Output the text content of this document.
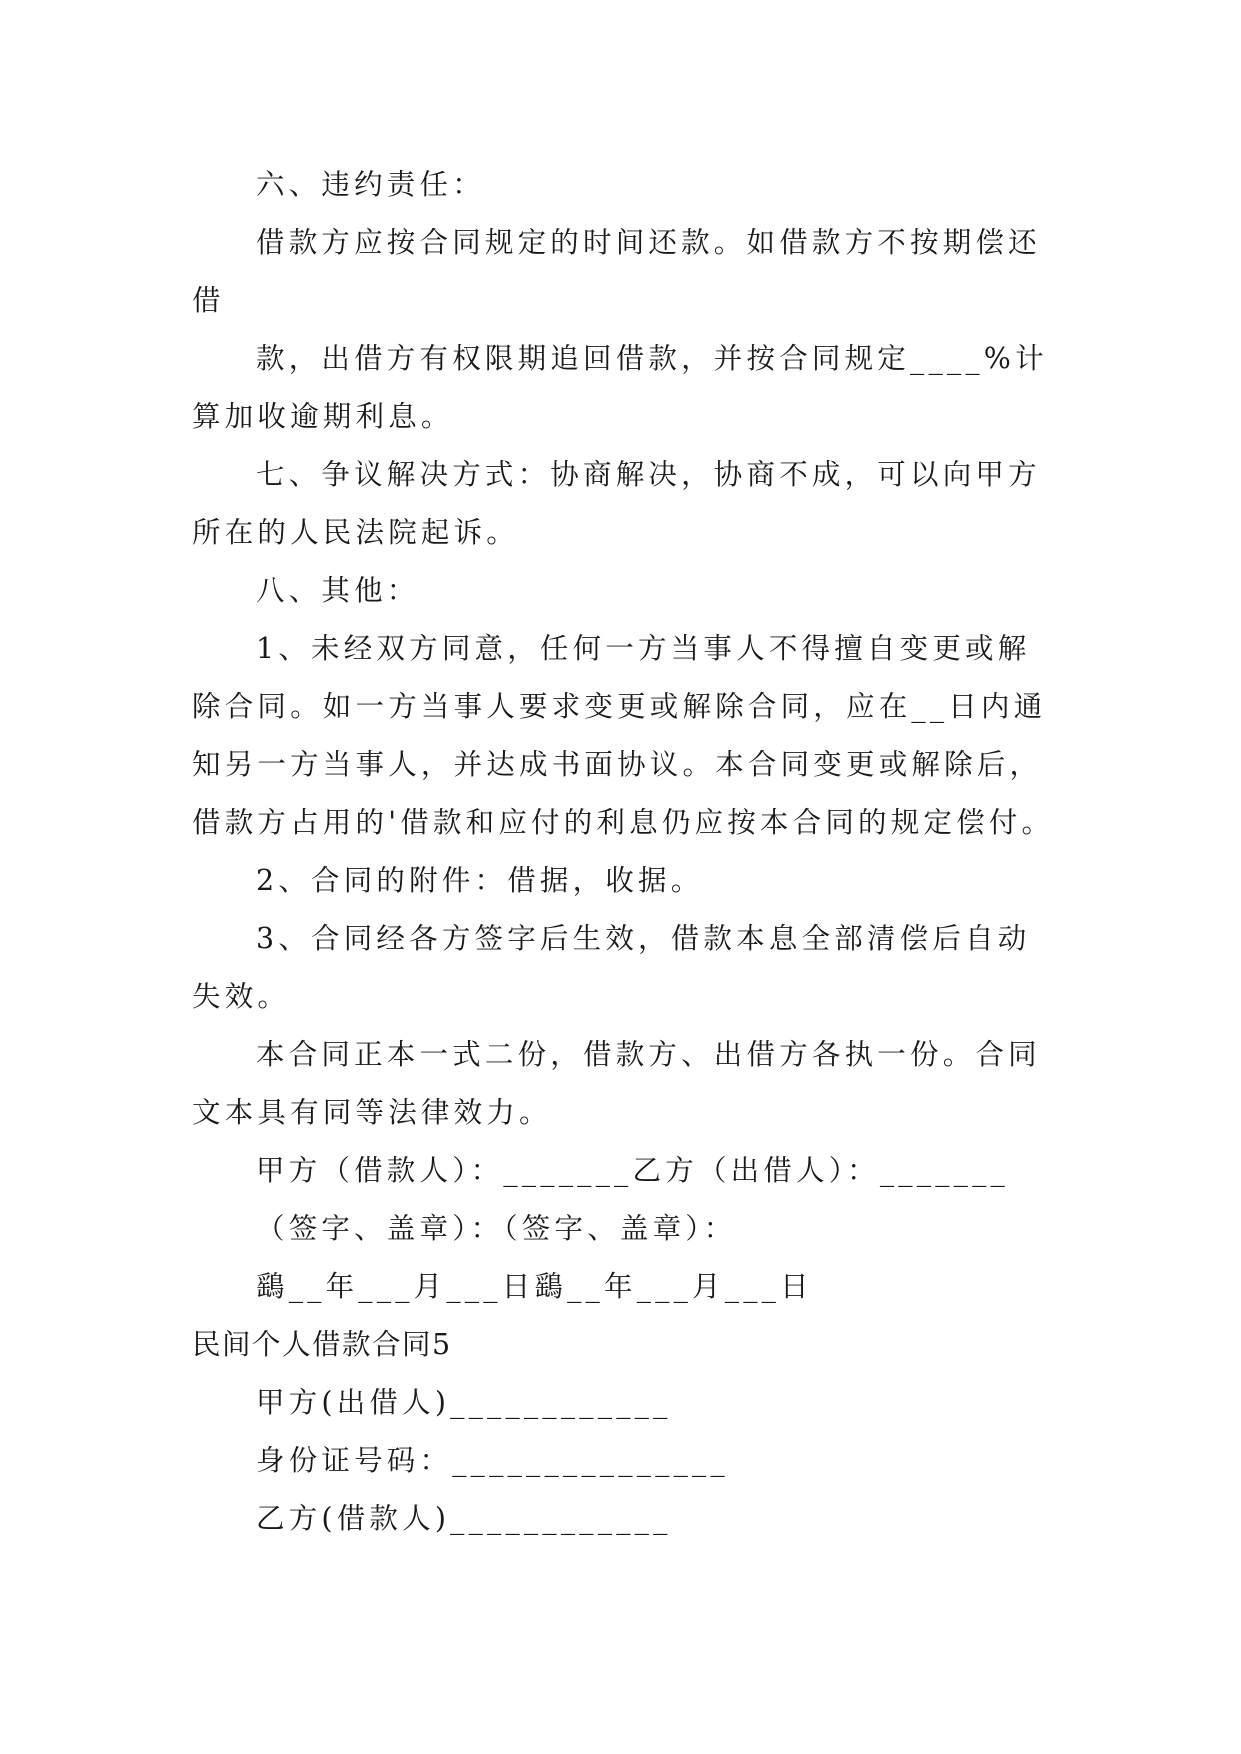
六、违约责任：

借款方应按合同规定的时间还款。如借款方不按期偿还

借

款，出借方有权限期追回借款，并按合同规定____%计

算加收逾期利息。

七、争议解决方式：协商解决，协商不成，可以向甲方

所在的人民法院起诉。

八、其他：

1、未经双方同意，任何一方当事人不得擅自变更或解

除合同。如一方当事人要求变更或解除合同，应在__日内通

知另一方当事人，并达成书面协议。本合同变更或解除后，

借款方占用的'借款和应付的利息仍应按本合同的规定偿付。

2、合同的附件：借据，收据。

3、合同经各方签字后生效，借款本息全部清偿后自动

失效。

本合同正本一式二份，借款方、出借方各执一份。合同

文本具有同等法律效力。

甲方（借款人）：_______乙方（出借人）：_______

（签字、盖章）：（签字、盖章）：

鷂__年___月___日鷂__年___月___日

民间个人借款合同5

甲方(出借人)____________

身份证号码：_______________

乙方(借款人)____________
